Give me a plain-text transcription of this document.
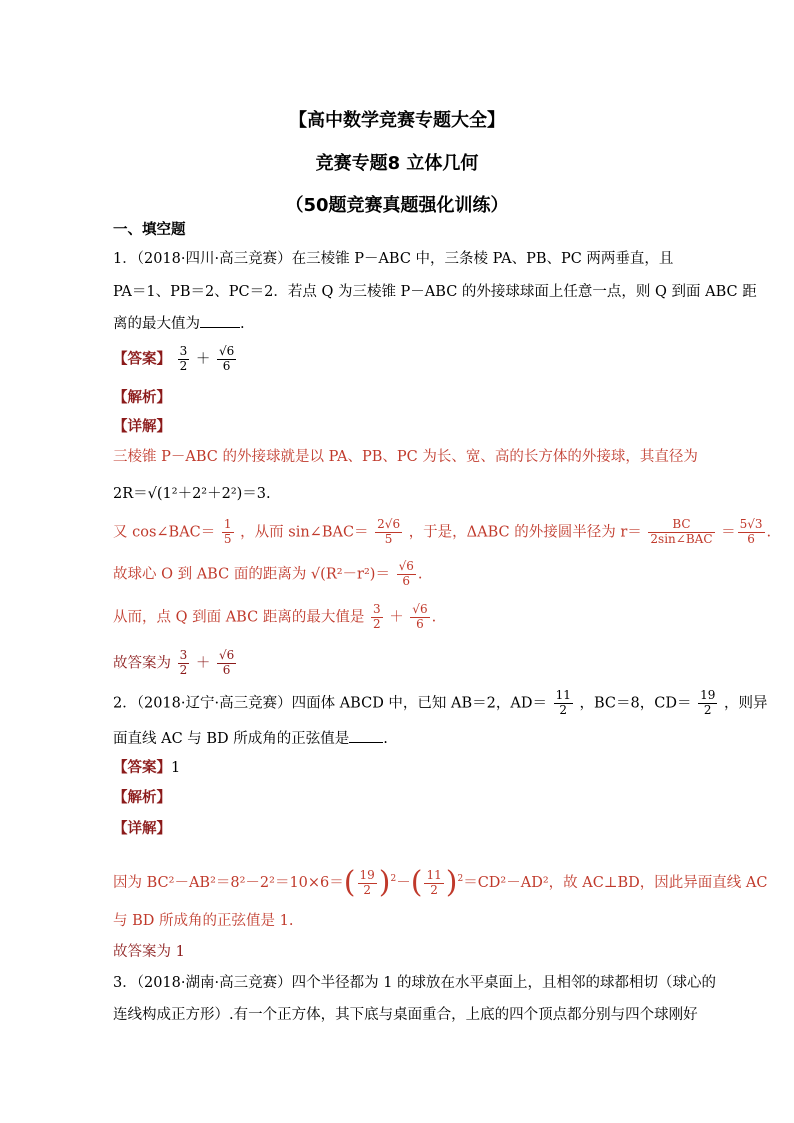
【高中数学竞赛专题大全】
竞赛专题8 立体几何
（50题竞赛真题强化训练）
一、填空题
1．（2018·四川·高三竞赛）在三棱锥 P－ABC 中，三条棱 PA、PB、PC 两两垂直，且
PA＝1、PB＝2、PC＝2．若点 Q 为三棱锥 P－ABC 的外接球球面上任意一点，则 Q 到面 ABC 距
离的最大值为	.
【答案】 $\frac{3}{2} + \frac{√6}{6}$
【解析】
【详解】
三棱锥 P－ABC 的外接球就是以 PA、PB、PC 为长、宽、高的长方体的外接球，其直径为
2R＝√(1²＋2²＋2²)＝3.
又 cos∠BAC＝ $\frac{1}{5}$ ，从而 sin∠BAC＝ $\frac{2√6}{5}$ ，于是，ΔABC 的外接圆半径为 $r= \frac{BC}{\text{2sin∠BAC}} = \frac{5√3}{6}$ .
故球心 O 到 ABC 面的距离为 $√(R^2-r^2)= \frac{√6}{6}$ .
从而，点 Q 到面 ABC 距离的最大值是 $\frac{3}{2} + \frac{√6}{6}$ .
故答案为 $\frac{3}{2} + \frac{√6}{6}$
2．（2018·辽宁·高三竞赛）四面体 ABCD 中，已知 AB＝2，$AD= \frac{11}{2}$ ，BC＝8，$CD= \frac{19}{2}$ ，则异
面直线 AC 与 BD 所成角的正弦值是 .
【答案】1
【解析】
【详解】
因为 $BC^2-AB^2=8^2-2^2=10\times 6=( \frac{19}{2} )^2-( \frac{11}{2} )^2=CD^2-AD^2$，故 AC⊥BD，因此异面直线 AC
与 BD 所成角的正弦值是 1.
故答案为 1
3．（2018·湖南·高三竞赛）四个半径都为 1 的球放在水平桌面上，且相邻的球都相切（球心的
连线构成正方形）.有一个正方体，其下底与桌面重合，上底的四个顶点都分别与四个球刚好
